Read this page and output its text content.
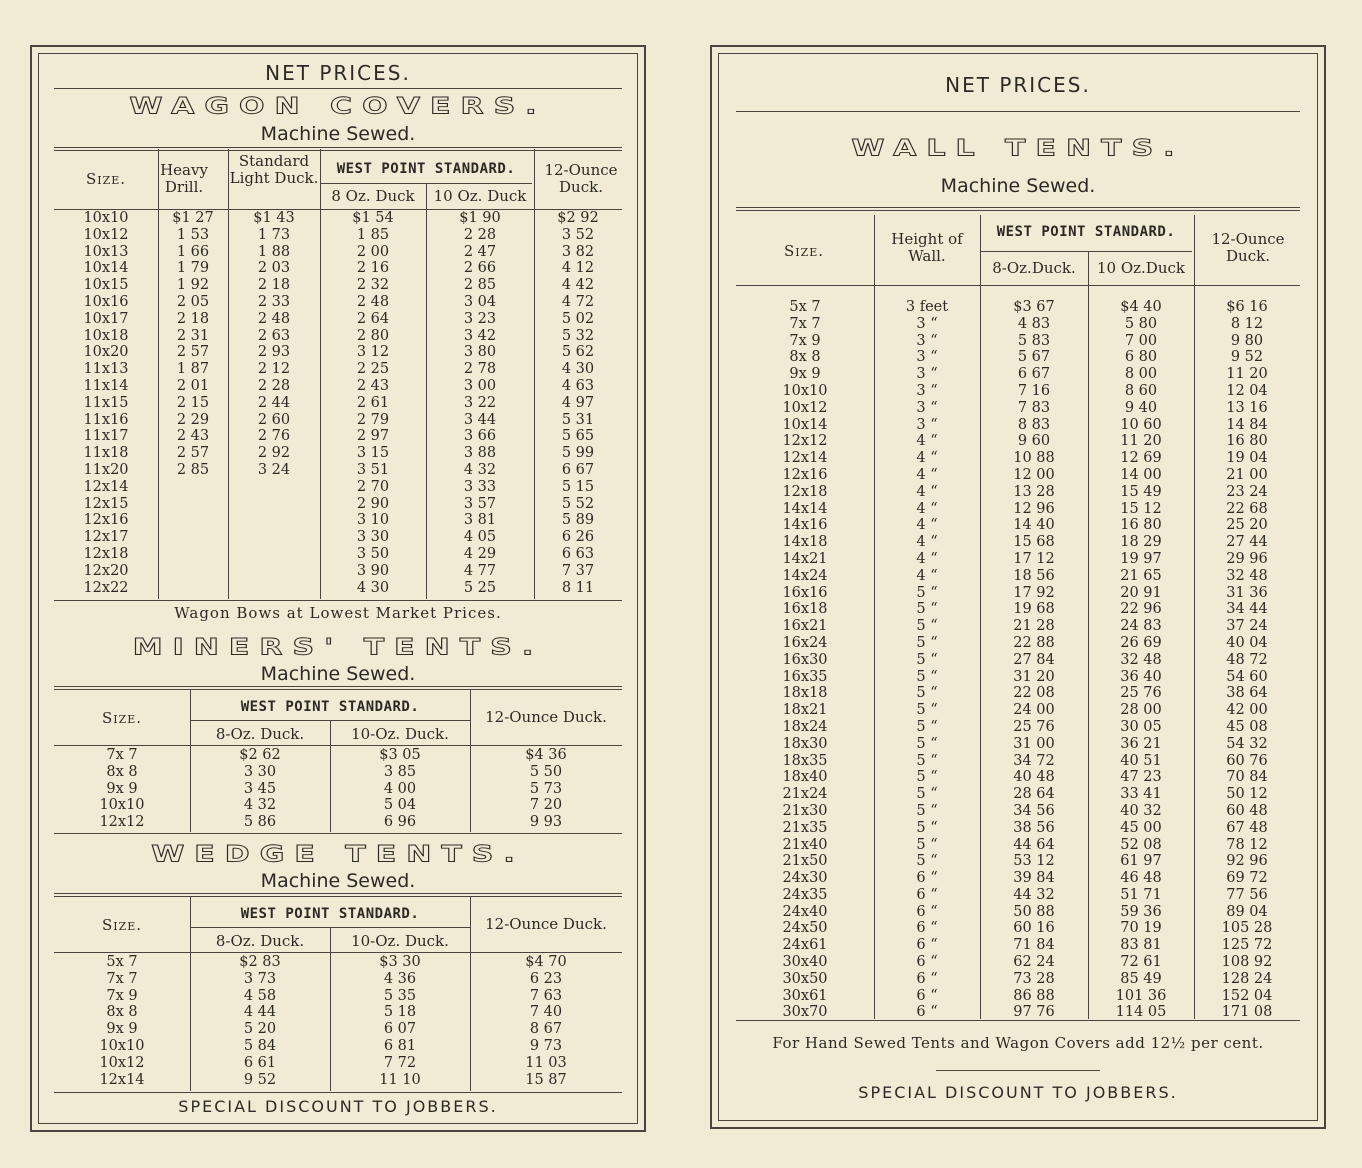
NET PRICES.
WAGON COVERS.
Machine Sewed.
Size.	Heavy Drill.
Standard Light Duck.	WEST POINT STANDARD.
8 Oz. Duck	10 Oz. Duck
12-Ounce Duck.
10x10	$1 27	$1 43	$1 54	$1 90	$2 92
10x12	1 53	1 73	1 85	2 28	3 52
10x13	1 66	1 88	2 00	2 47	3 82
10x14	1 79	2 03	2 16	2 66	4 12
10x15	1 92	2 18	2 32	2 85	4 42
10x16	2 05	2 33	2 48	3 04	4 72
10x17	2 18	2 48	2 64	3 23	5 02
10x18	2 31	2 63	2 80	3 42	5 32
10x20	2 57	2 93	3 12	3 80	5 62
11x13	1 87	2 12	2 25	2 78	4 30
11x14	2 01	2 28	2 43	3 00	4 63
11x15	2 15	2 44	2 61	3 22	4 97
11x16	2 29	2 60	2 79	3 44	5 31
11x17	2 43	2 76	2 97	3 66	5 65
11x18	2 57	2 92	3 15	3 88	5 99
11x20	2 85	3 24	3 51	4 32	6 67
12x14			2 70	3 33	5 15
12x15			2 90	3 57	5 52
12x16			3 10	3 81	5 89
12x17			3 30	4 05	6 26
12x18			3 50	4 29	6 63
12x20			3 90	4 77	7 37
12x22			4 30	5 25	8 11
Wagon Bows at Lowest Market Prices.
MINERS' TENTS.
Machine Sewed.
Size.
WEST POINT STANDARD.
8-Oz. Duck.	10-Oz. Duck.
12-Ounce Duck.
7x 7	$2 62	$3 05	$4 36
8x 8	3 30	3 85	5 50
9x 9	3 45	4 00	5 73
10x10	4 32	5 04	7 20
12x12	5 86	6 96	9 93
WEDGE TENTS.
Machine Sewed.
Size.
WEST POINT STANDARD.
8-Oz. Duck.	10-Oz. Duck.
12-Ounce Duck.
5x 7	$2 83	$3 30	$4 70
7x 7	3 73	4 36	6 23
7x 9	4 58	5 35	7 63
8x 8	4 44	5 18	7 40
9x 9	5 20	6 07	8 67
10x10	5 84	6 81	9 73
10x12	6 61	7 72	11 03
12x14	9 52	11 10	15 87
SPECIAL DISCOUNT TO JOBBERS.
NET PRICES.
WALL TENTS.
Machine Sewed.
Size.
Height of Wall.
WEST POINT STANDARD.
8-Oz.Duck.	10 Oz.Duck
12-Ounce Duck.
5x 7	3 feet	$3 67	$4 40	$6 16
7x 7	3 “	4 83	5 80	8 12
7x 9	3 “	5 83	7 00	9 80
8x 8	3 “	5 67	6 80	9 52
9x 9	3 “	6 67	8 00	11 20
10x10	3 “	7 16	8 60	12 04
10x12	3 “	7 83	9 40	13 16
10x14	3 “	8 83	10 60	14 84
12x12	4 “	9 60	11 20	16 80
12x14	4 “	10 88	12 69	19 04
12x16	4 “	12 00	14 00	21 00
12x18	4 “	13 28	15 49	23 24
14x14	4 “	12 96	15 12	22 68
14x16	4 “	14 40	16 80	25 20
14x18	4 “	15 68	18 29	27 44
14x21	4 “	17 12	19 97	29 96
14x24	4 “	18 56	21 65	32 48
16x16	5 “	17 92	20 91	31 36
16x18	5 “	19 68	22 96	34 44
16x21	5 “	21 28	24 83	37 24
16x24	5 “	22 88	26 69	40 04
16x30	5 “	27 84	32 48	48 72
16x35	5 “	31 20	36 40	54 60
18x18	5 “	22 08	25 76	38 64
18x21	5 “	24 00	28 00	42 00
18x24	5 “	25 76	30 05	45 08
18x30	5 “	31 00	36 21	54 32
18x35	5 “	34 72	40 51	60 76
18x40	5 “	40 48	47 23	70 84
21x24	5 “	28 64	33 41	50 12
21x30	5 “	34 56	40 32	60 48
21x35	5 “	38 56	45 00	67 48
21x40	5 “	44 64	52 08	78 12
21x50	5 “	53 12	61 97	92 96
24x30	6 “	39 84	46 48	69 72
24x35	6 “	44 32	51 71	77 56
24x40	6 “	50 88	59 36	89 04
24x50	6 “	60 16	70 19	105 28
24x61	6 “	71 84	83 81	125 72
30x40	6 “	62 24	72 61	108 92
30x50	6 “	73 28	85 49	128 24
30x61	6 “	86 88	101 36	152 04
30x70	6 “	97 76	114 05	171 08
For Hand Sewed Tents and Wagon Covers add 12½ per cent.
SPECIAL DISCOUNT TO JOBBERS.
